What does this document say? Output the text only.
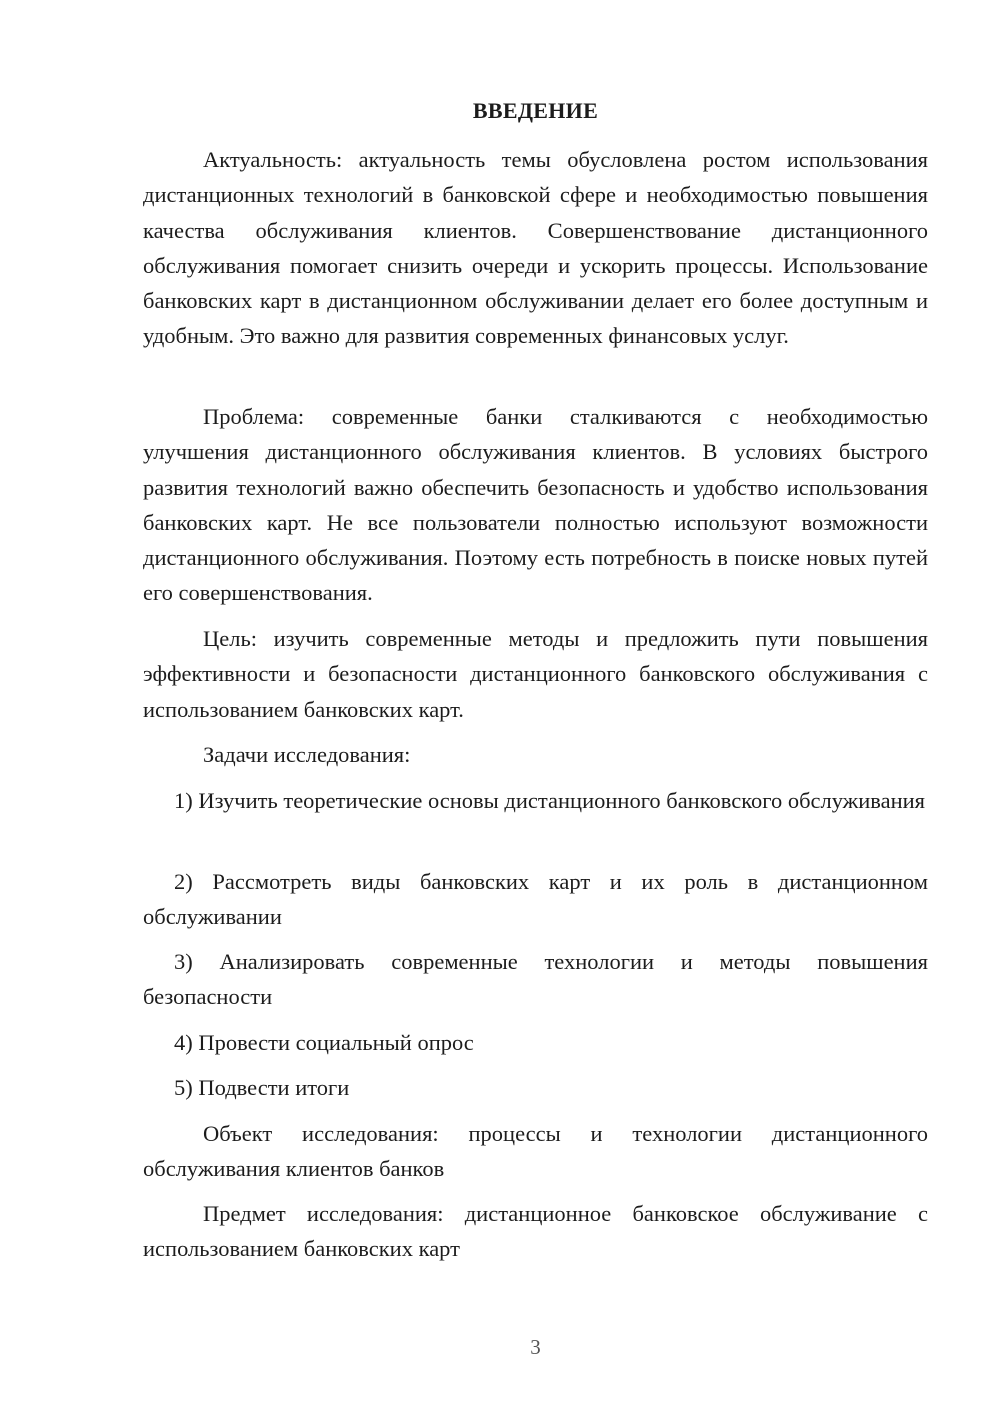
ВВЕДЕНИЕ

Актуальность: актуальность темы обусловлена ростом использования дистанционных технологий в банковской сфере и необходимостью повышения качества обслуживания клиентов. Совершенствование дистанционного обслуживания помогает снизить очереди и ускорить процессы. Использование банковских карт в дистанционном обслуживании делает его более доступным и удобным. Это важно для развития современных финансовых услуг.

Проблема: современные банки сталкиваются с необходимостью улучшения дистанционного обслуживания клиентов. В условиях быстрого развития технологий важно обеспечить безопасность и удобство использования банковских карт. Не все пользователи полностью используют возможности дистанционного обслуживания. Поэтому есть потребность в поиске новых путей его совершенствования.

Цель: изучить современные методы и предложить пути повышения эффективности и безопасности дистанционного банковского обслуживания с использованием банковских карт.

Задачи исследования:

1) Изучить теоретические основы дистанционного банковского обслуживания

2) Рассмотреть виды банковских карт и их роль в дистанционном обслуживании

3) Анализировать современные технологии и методы повышения безопасности

4) Провести социальный опрос

5) Подвести итоги

Объект исследования: процессы и технологии дистанционного обслуживания клиентов банков

Предмет исследования: дистанционное банковское обслуживание с использованием банковских карт

3
